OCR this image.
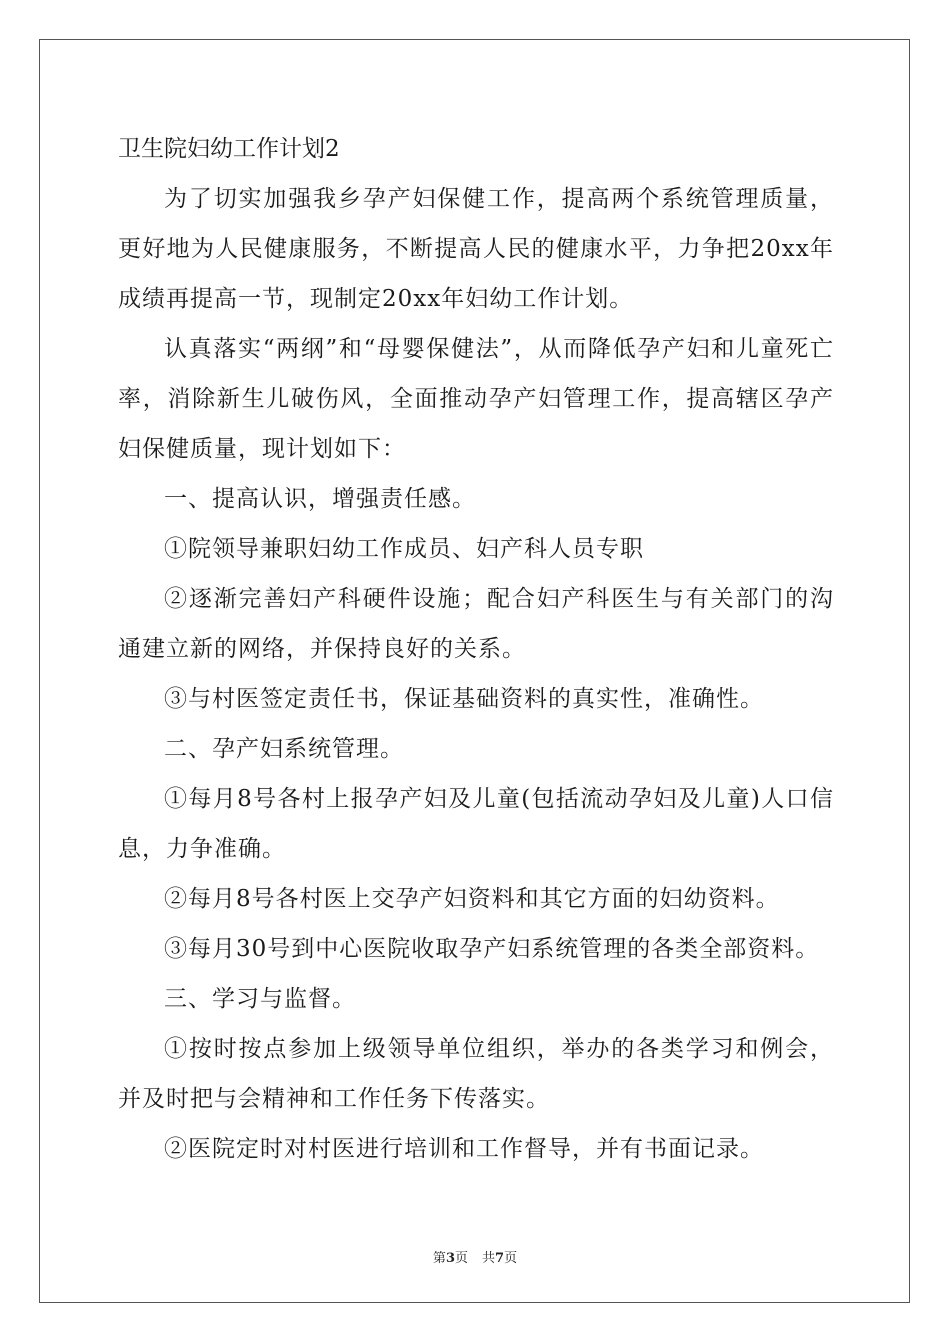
卫生院妇幼工作计划2

为了切实加强我乡孕产妇保健工作，提高两个系统管理质量，更好地为人民健康服务，不断提高人民的健康水平，力争把20xx年成绩再提高一节，现制定20xx年妇幼工作计划。

认真落实“两纲”和“母婴保健法”，从而降低孕产妇和儿童死亡率，消除新生儿破伤风，全面推动孕产妇管理工作，提高辖区孕产妇保健质量，现计划如下：

一、提高认识，增强责任感。

①院领导兼职妇幼工作成员、妇产科人员专职

②逐渐完善妇产科硬件设施；配合妇产科医生与有关部门的沟通建立新的网络，并保持良好的关系。

③与村医签定责任书，保证基础资料的真实性，准确性。

二、孕产妇系统管理。

①每月8号各村上报孕产妇及儿童(包括流动孕妇及儿童)人口信息，力争准确。

②每月8号各村医上交孕产妇资料和其它方面的妇幼资料。

③每月30号到中心医院收取孕产妇系统管理的各类全部资料。

三、学习与监督。

①按时按点参加上级领导单位组织，举办的各类学习和例会，并及时把与会精神和工作任务下传落实。

②医院定时对村医进行培训和工作督导，并有书面记录。

第3页 共7页
